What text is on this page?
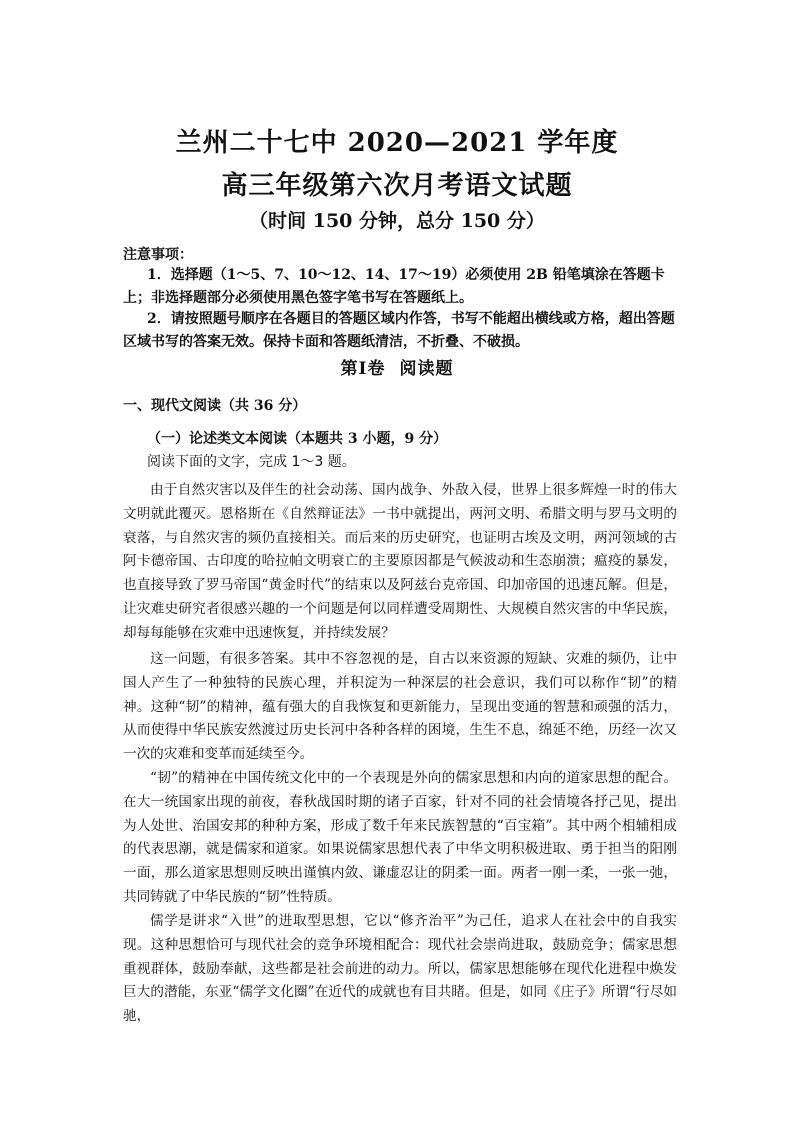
兰州二十七中 2020—2021 学年度
高三年级第六次月考语文试题
（时间 150 分钟，总分 150 分）
注意事项：
1．选择题（1～5、7、10～12、14、17～19）必须使用 2B 铅笔填涂在答题卡上；非选择题部分必须使用黑色签字笔书写在答题纸上。
2．请按照题号顺序在各题目的答题区域内作答，书写不能超出横线或方格，超出答题区域书写的答案无效。保持卡面和答题纸清洁，不折叠、不破损。
第Ⅰ卷 阅读题
一、现代文阅读（共 36 分）
（一）论述类文本阅读（本题共 3 小题，9 分）
阅读下面的文字，完成 1～3 题。
由于自然灾害以及伴生的社会动荡、国内战争、外敌入侵，世界上很多辉煌一时的伟大文明就此覆灭。恩格斯在《自然辩证法》一书中就提出，两河文明、希腊文明与罗马文明的衰落，与自然灾害的频仍直接相关。而后来的历史研究，也证明古埃及文明，两河领域的古阿卡德帝国、古印度的哈拉帕文明衰亡的主要原因都是气候波动和生态崩溃；瘟疫的暴发，也直接导致了罗马帝国“黄金时代”的结束以及阿兹台克帝国、印加帝国的迅速瓦解。但是，让灾难史研究者很感兴趣的一个问题是何以同样遭受周期性、大规模自然灾害的中华民族，却每每能够在灾难中迅速恢复，并持续发展？
这一问题，有很多答案。其中不容忽视的是，自古以来资源的短缺、灾难的频仍，让中国人产生了一种独特的民族心理，并积淀为一种深层的社会意识，我们可以称作“韧”的精神。这种“韧”的精神，蕴有强大的自我恢复和更新能力，呈现出变通的智慧和顽强的活力，从而使得中华民族安然渡过历史长河中各种各样的困境，生生不息，绵延不绝，历经一次又一次的灾难和变革而延续至今。
“韧”的精神在中国传统文化中的一个表现是外向的儒家思想和内向的道家思想的配合。在大一统国家出现的前夜，春秋战国时期的诸子百家，针对不同的社会情境各抒己见，提出为人处世、治国安邦的种种方案，形成了数千年来民族智慧的“百宝箱”。其中两个相辅相成的代表思潮，就是儒家和道家。如果说儒家思想代表了中华文明积极进取、勇于担当的阳刚一面，那么道家思想则反映出谨慎内敛、谦虚忍让的阴柔一面。两者一刚一柔，一张一弛，共同铸就了中华民族的“韧”性特质。
儒学是讲求“入世”的进取型思想，它以“修齐治平”为己任，追求人在社会中的自我实现。这种思想恰可与现代社会的竞争环境相配合：现代社会崇尚进取，鼓励竞争；儒家思想重视群体，鼓励奉献，这些都是社会前进的动力。所以，儒家思想能够在现代化进程中焕发巨大的潜能，东亚“儒学文化圈”在近代的成就也有目共睹。但是，如同《庄子》所谓“行尽如驰，
